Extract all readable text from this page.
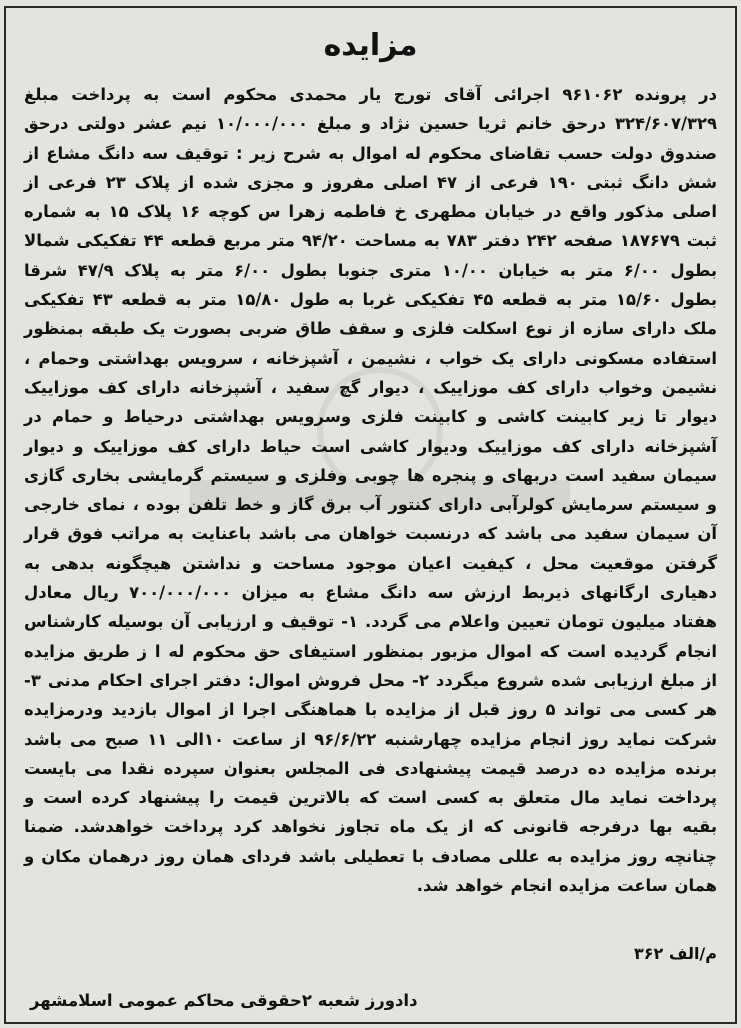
مزایده

در پرونده ۹۶۱۰۶۲ اجرائی آقای تورج یار محمدی محکوم است به پرداخت مبلغ ۳۲۴/۶۰۷/۳۲۹ درحق خانم ثریا حسین نژاد و مبلغ ۱۰/۰۰۰/۰۰۰ نیم عشر دولتی درحق صندوق دولت حسب تقاضای محکوم له اموال به شرح زیر : توقیف سه دانگ مشاع از شش دانگ ثبتی ۱۹۰ فرعی از ۴۷ اصلی مفروز و مجزی شده از پلاک ۲۳ فرعی از اصلی مذکور واقع در خیابان مطهری خ فاطمه زهرا س کوچه ۱۶ پلاک ۱۵ به شماره ثبت ۱۸۷۶۷۹ صفحه ۲۴۲ دفتر ۷۸۳ به مساحت ۹۴/۲۰ متر مربع قطعه ۴۴ تفکیکی شمالا بطول ۶/۰۰ متر به خیابان ۱۰/۰۰ متری جنوبا بطول ۶/۰۰ متر به پلاک ۴۷/۹ شرقا بطول ۱۵/۶۰ متر به قطعه ۴۵ تفکیکی غربا به طول ۱۵/۸۰ متر به قطعه ۴۳ تفکیکی ملک دارای سازه از نوع اسکلت فلزی و سقف طاق ضربی بصورت یک طبقه بمنظور استفاده مسکونی دارای یک خواب ، نشیمن ، آشپزخانه ، سرویس بهداشتی وحمام ، نشیمن وخواب دارای کف موزاییک ، دیوار گچ سفید ، آشپزخانه دارای کف موزاییک دیوار تا زیر کابینت کاشی و کابینت فلزی وسرویس بهداشتی درحیاط و حمام در آشپزخانه دارای کف موزاییک ودیوار کاشی است حیاط دارای کف موزاییک و دیوار سیمان سفید است دربهای و پنجره ها چوبی وفلزی و سیستم گرمایشی بخاری گازی و سیستم سرمایش کولرآبی دارای کنتور آب برق گاز و خط تلفن بوده ، نمای خارجی آن سیمان سفید می باشد که درنسبت خواهان می باشد باعنایت به مراتب فوق قرار گرفتن موقعیت محل ، کیفیت اعیان موجود مساحت و نداشتن هیچگونه بدهی به دهیاری ارگانهای ذیربط ارزش سه دانگ مشاع به میزان ۷۰۰/۰۰۰/۰۰۰ ریال معادل هفتاد میلیون تومان تعیین واعلام می گردد. ۱- توقیف و ارزیابی آن بوسیله کارشناس انجام گردیده است که اموال مزبور بمنظور استیفای حق محکوم له ا ز طریق مزایده از مبلغ ارزیابی شده شروع میگردد ۲- محل فروش اموال: دفتر اجرای احکام مدنی ۳- هر کسی می تواند ۵ روز قبل از مزایده با هماهنگی اجرا از اموال بازدید ودرمزایده شرکت نماید روز انجام مزایده چهارشنبه ۹۶/۶/۲۲ از ساعت ۱۰الی ۱۱ صبح می باشد برنده مزایده ده درصد قیمت پیشنهادی فی المجلس بعنوان سپرده نقدا می بایست پرداخت نماید مال متعلق به کسی است که بالاترین قیمت را پیشنهاد کرده است و بقیه بها درفرجه قانونی که از یک ماه تجاوز نخواهد کرد پرداخت خواهدشد. ضمنا چنانچه روز مزایده به عللی مصادف با تعطیلی باشد فردای همان روز درهمان مکان و همان ساعت مزایده انجام خواهد شد.

م/الف ۳۶۲
دادورز شعبه ۲حقوقی محاکم عمومی اسلامشهر
